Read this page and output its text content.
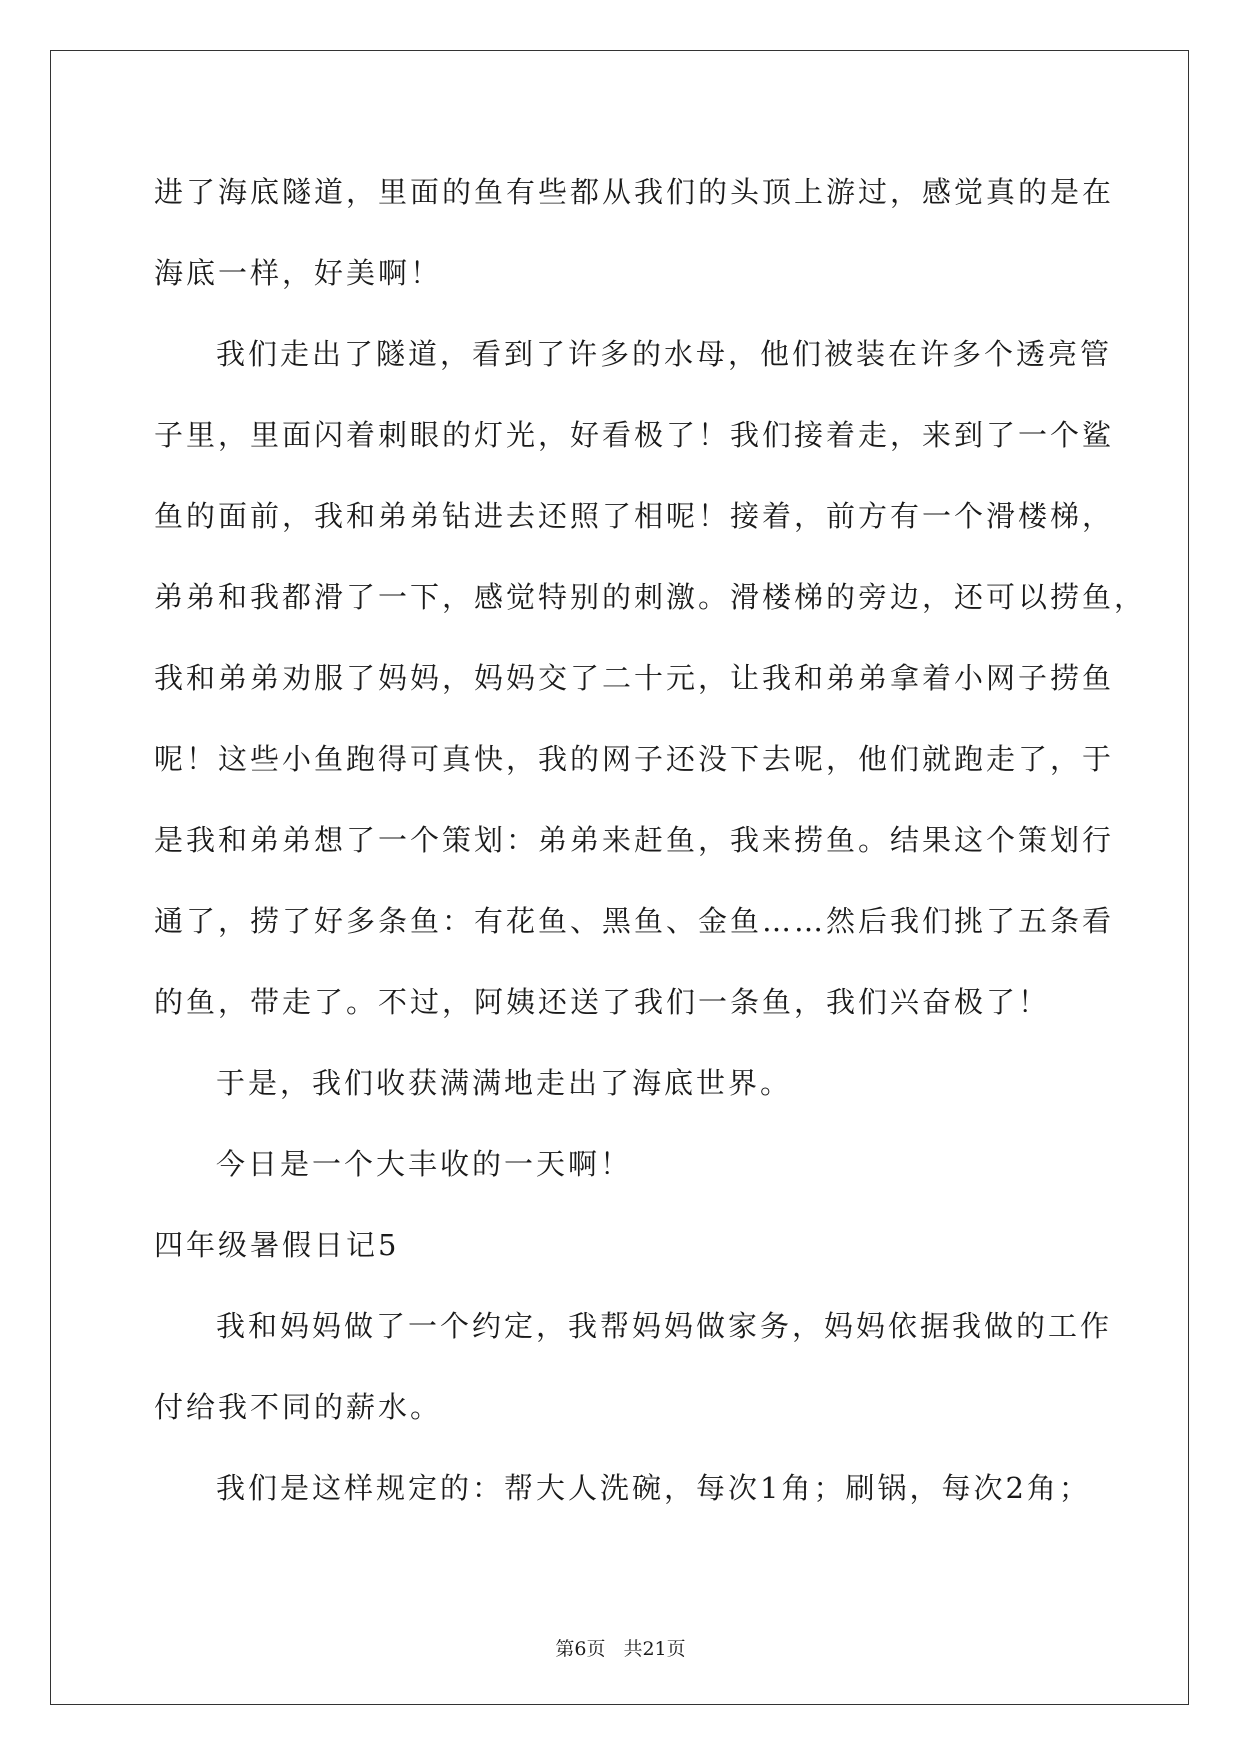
进了海底隧道，里面的鱼有些都从我们的头顶上游过，感觉真的是在
海底一样，好美啊！
我们走出了隧道，看到了许多的水母，他们被装在许多个透亮管
子里，里面闪着刺眼的灯光，好看极了！我们接着走，来到了一个鲨
鱼的面前，我和弟弟钻进去还照了相呢！接着，前方有一个滑楼梯，
弟弟和我都滑了一下，感觉特别的刺激。滑楼梯的旁边，还可以捞鱼，
我和弟弟劝服了妈妈，妈妈交了二十元，让我和弟弟拿着小网子捞鱼
呢！这些小鱼跑得可真快，我的网子还没下去呢，他们就跑走了，于
是我和弟弟想了一个策划：弟弟来赶鱼，我来捞鱼。结果这个策划行
通了，捞了好多条鱼：有花鱼、黑鱼、金鱼……然后我们挑了五条看
的鱼，带走了。不过，阿姨还送了我们一条鱼，我们兴奋极了！
于是，我们收获满满地走出了海底世界。
今日是一个大丰收的一天啊！
四年级暑假日记5
我和妈妈做了一个约定，我帮妈妈做家务，妈妈依据我做的工作
付给我不同的薪水。
我们是这样规定的：帮大人洗碗，每次1角；刷锅，每次2角；
第6页 共21页
